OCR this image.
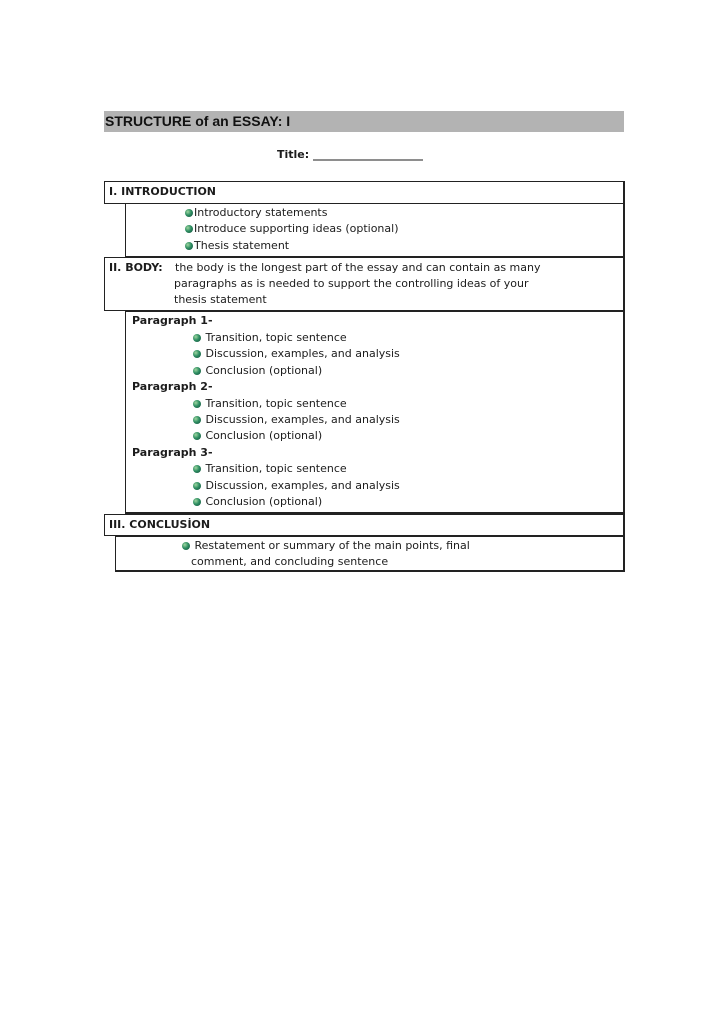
STRUCTURE of an ESSAY: I
Title: ____________________
I. INTRODUCTION
Introductory statements
Introduce supporting ideas (optional)
Thesis statement
II. BODY: the body is the longest part of the essay and can contain as many
paragraphs as is needed to support the controlling ideas of your
thesis statement
Paragraph 1-
Transition, topic sentence
Discussion, examples, and analysis
Conclusion (optional)
Paragraph 2-
Transition, topic sentence
Discussion, examples, and analysis
Conclusion (optional)
Paragraph 3-
Transition, topic sentence
Discussion, examples, and analysis
Conclusion (optional)
III. CONCLUSİON
Restatement or summary of the main points, final
comment, and concluding sentence
